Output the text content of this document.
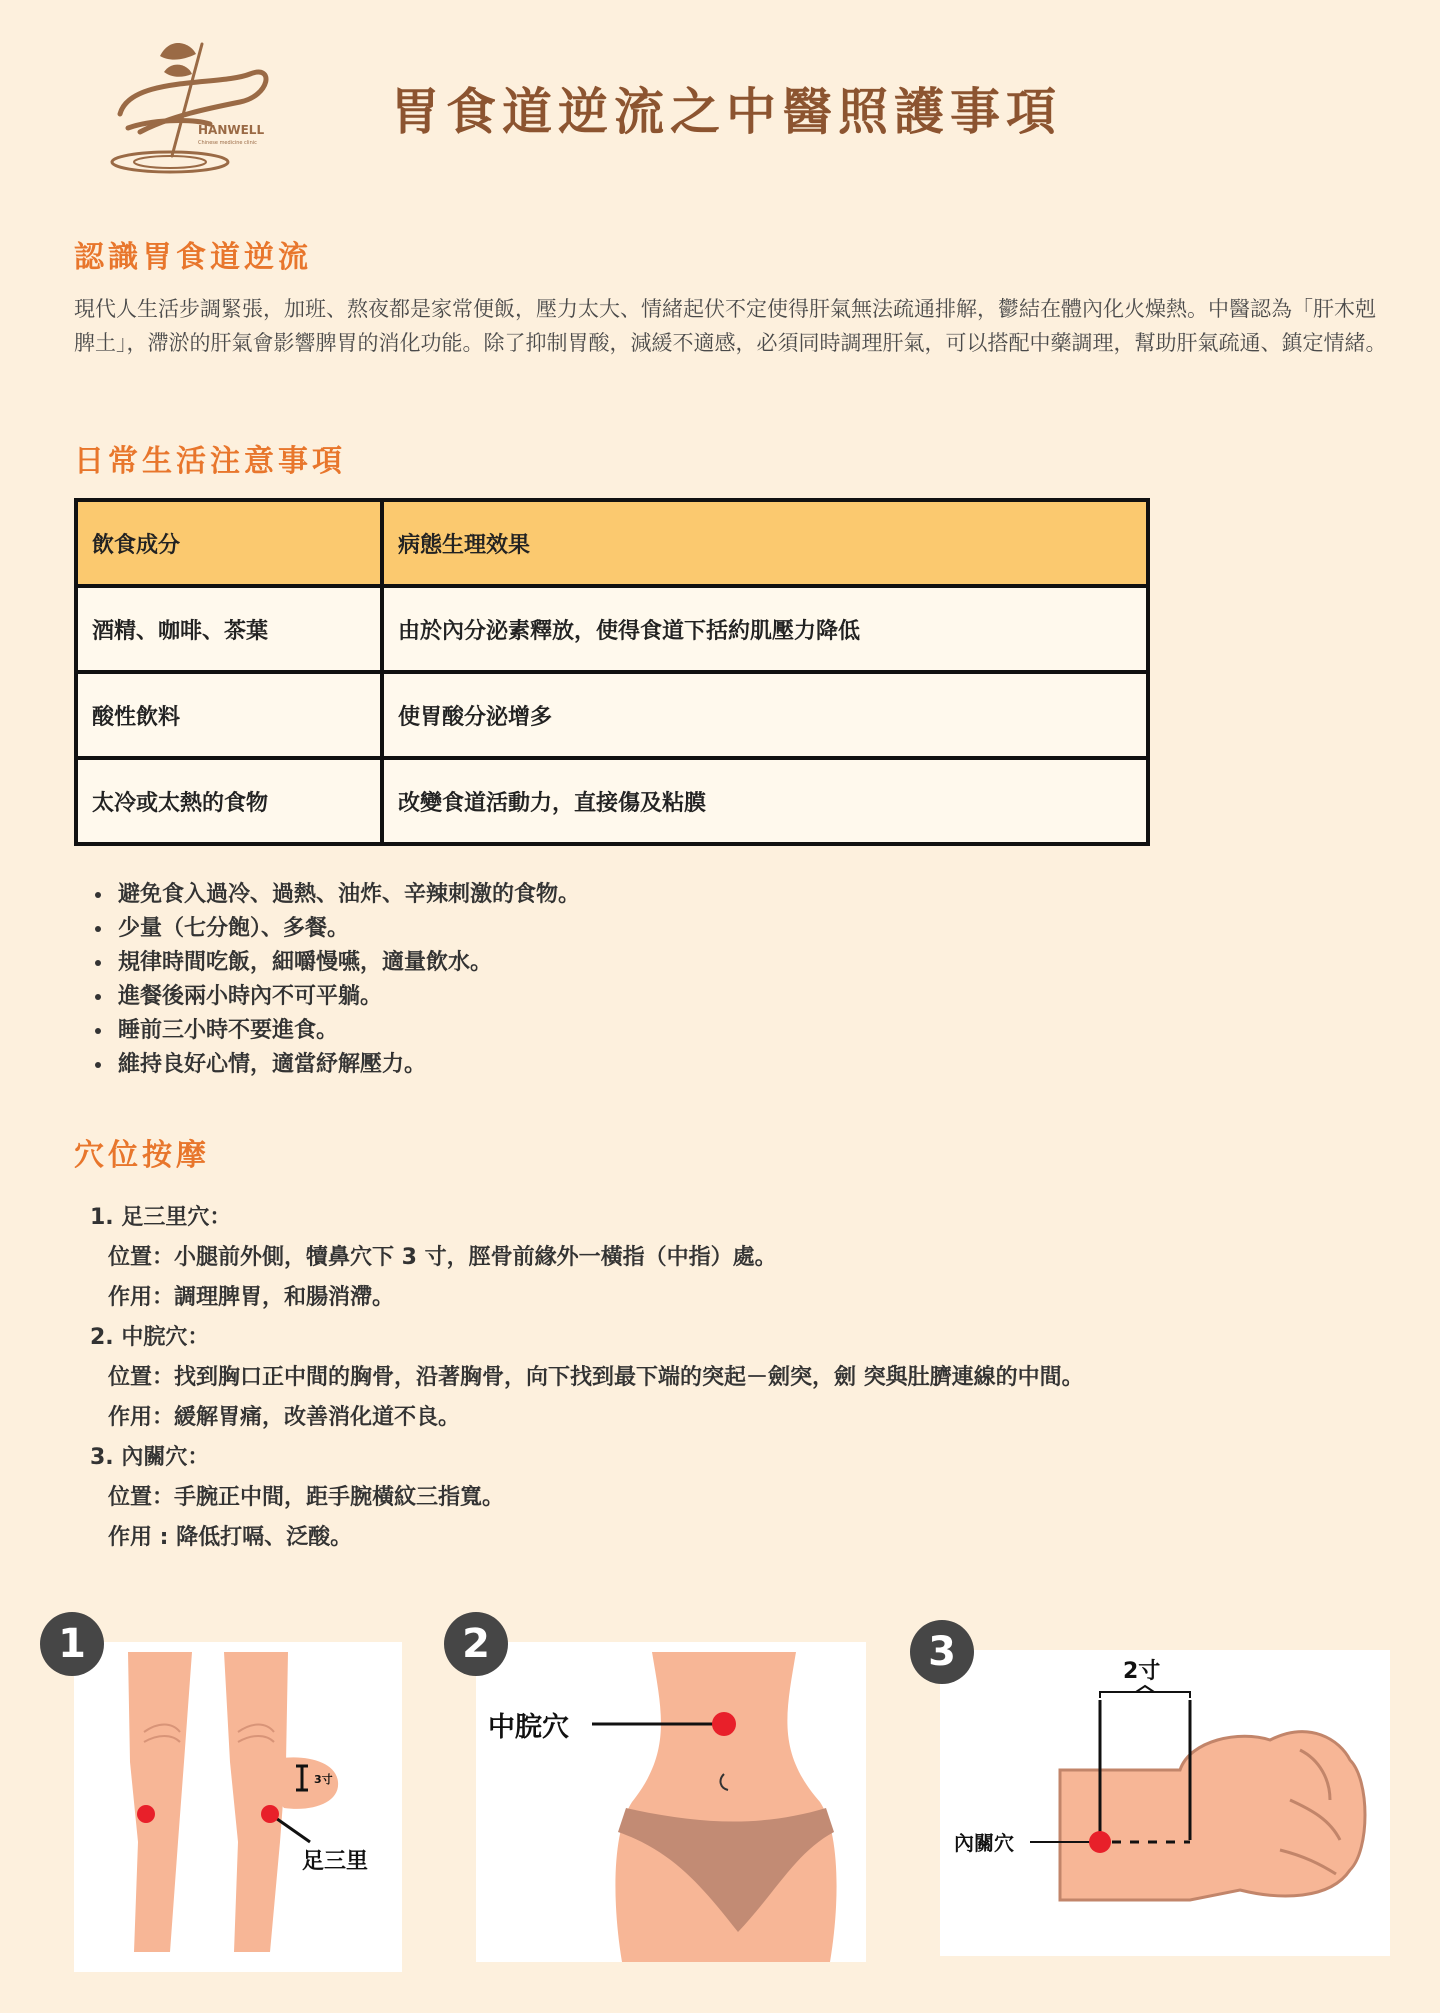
HANWELL
Chinese medicine clinic
胃食道逆流之中醫照護事項
認識胃食道逆流
現代人生活步調緊張，加班、熬夜都是家常便飯，壓力太大、情緒起伏不定使得肝氣無法疏通排解，鬱結在體內化火燥熱。中醫認為「肝木剋脾土」，滯淤的肝氣會影響脾胃的消化功能。除了抑制胃酸，減緩不適感，必須同時調理肝氣，可以搭配中藥調理，幫助肝氣疏通、鎮定情緒。
日常生活注意事項
飲食成分	病態生理效果
酒精、咖啡、茶葉	由於內分泌素釋放，使得食道下括約肌壓力降低
酸性飲料	使胃酸分泌增多
太冷或太熱的食物	改變食道活動力，直接傷及粘膜
• 避免食入過冷、過熱、油炸、辛辣刺激的食物。
• 少量（七分飽）、多餐。
• 規律時間吃飯，細嚼慢嚥，適量飲水。
• 進餐後兩小時內不可平躺。
• 睡前三小時不要進食。
• 維持良好心情，適當紓解壓力。
穴位按摩
1. 足三里穴：
位置：小腿前外側，犢鼻穴下 3 寸，脛骨前緣外一橫指（中指）處。
作用：調理脾胃，和腸消滯。
2. 中脘穴：
位置：找到胸口正中間的胸骨，沿著胸骨，向下找到最下端的突起－劍突，劍 突與肚臍連線的中間。
作用：緩解胃痛，改善消化道不良。
3. 內關穴：
位置：手腕正中間，距手腕橫紋三指寬。
作用 : 降低打嗝、泛酸。
3寸
足三里
1
中脘穴
2
2寸
內關穴
3
